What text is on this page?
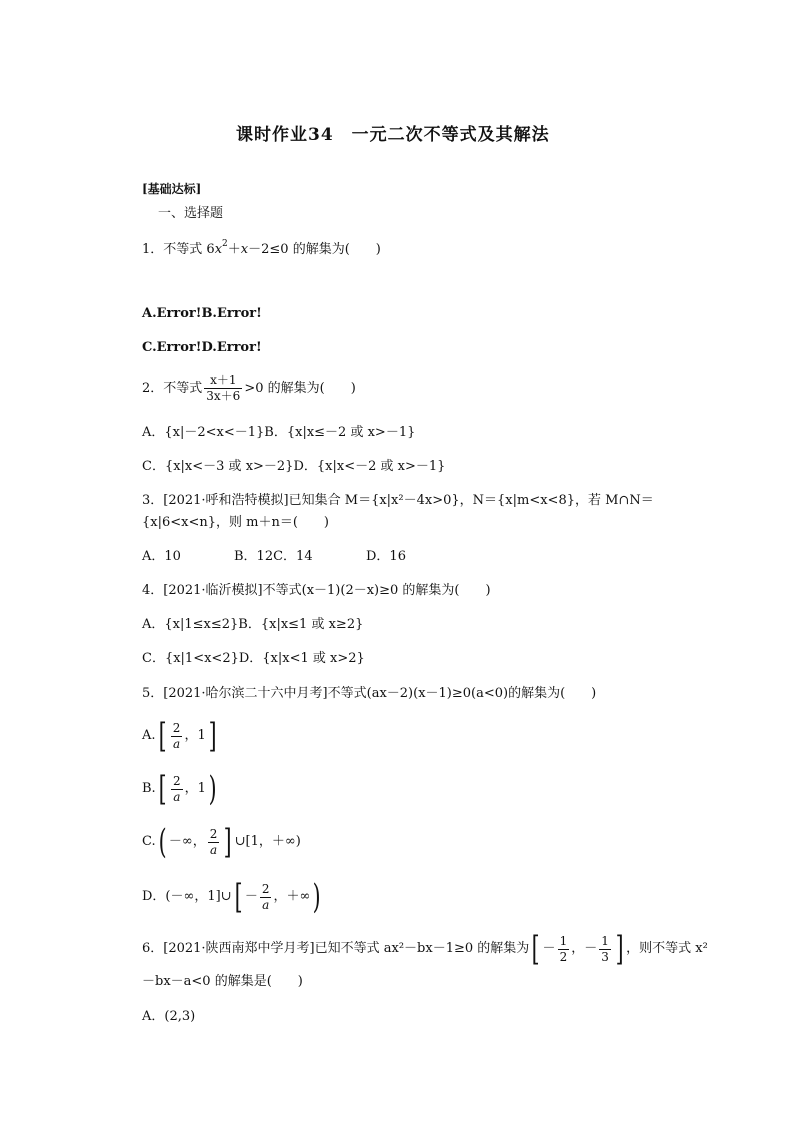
课时作业34　一元二次不等式及其解法
[基础达标]
一、选择题
1．不等式 $6x^2+x-2\le 0$ 的解集为(　　)
A.Error!B.Error!
C.Error!D.Error!
2．不等式 $\frac{x+1}{3x+6} >0$ 的解集为(　　)
A．{x|－2<x<－1}B．{x|x≤－2 或 x>－1}
C．{x|x<－3 或 x>－2}D．{x|x<－2 或 x>－1}
3．[2021·呼和浩特模拟]已知集合 M＝{x|x²－4x>0}，N＝{x|m<x<8}，若 M∩N＝
{x|6<x<n}，则 m＋n＝(　　)
A．10	B．12C．14	D．16
4．[2021·临沂模拟]不等式(x－1)(2－x)≥0 的解集为(　　)
A．{x|1≤x≤2}B．{x|x≤1 或 x≥2}
C．{x|1<x<2}D．{x|x<1 或 x>2}
5．[2021·哈尔滨二十六中月考]不等式(ax－2)(x－1)≥0(a<0)的解集为(　　)
$A.[ \frac{2}{a}$ ，1]
$B.[ \frac{2}{a}$ ，1)
C.( －∞， $\frac{2}{a}$ ] ∪[1，＋∞)
D．(－∞，1]∪[ － $\frac{2}{a}$ ，＋∞)
6．[2021·陕西南郑中学月考]已知不等式 ax²－bx－1≥0 的解集为[ － $\frac{1}{2}$ ，－ $\frac{1}{3}$ ] ，则不等式 x²
－bx－a<0 的解集是(　　)
A．(2,3)
